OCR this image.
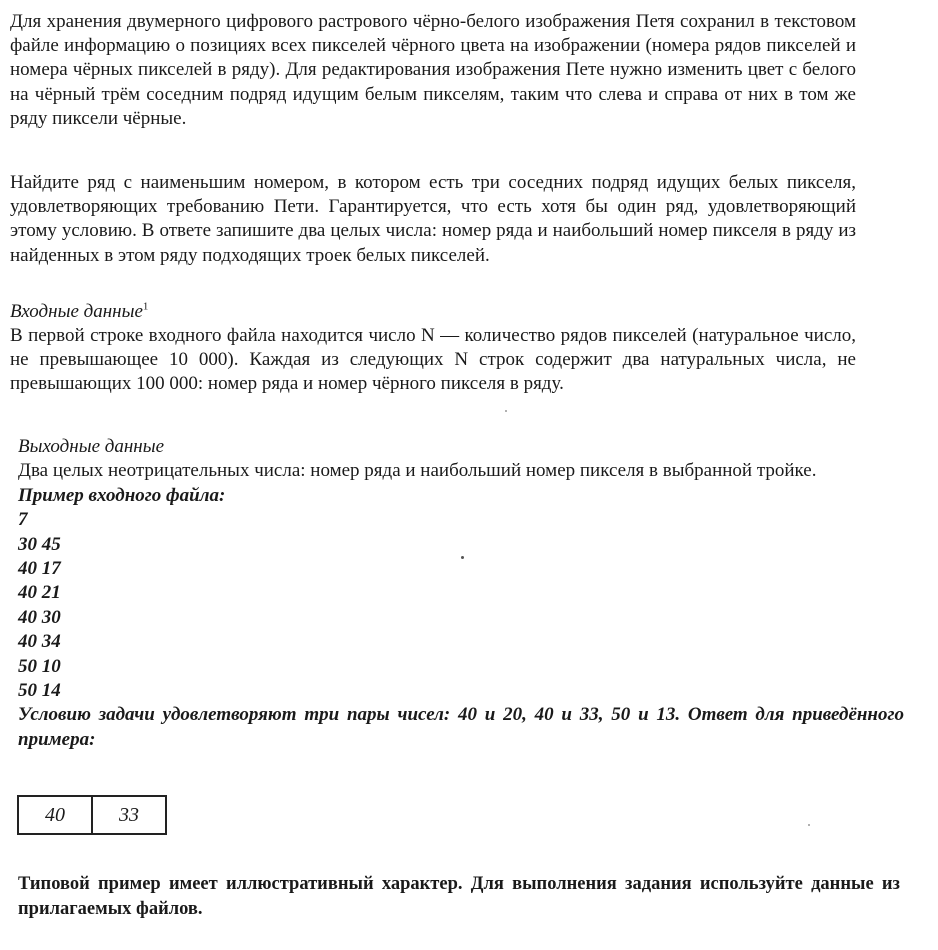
Для хранения двумерного цифрового растрового чёрно-белого изображения Петя сохранил в текстовом файле информацию о позициях всех пикселей чёрного цвета на изображении (номера рядов пикселей и номера чёрных пикселей в ряду). Для редактирования изображения Пете нужно изменить цвет с белого на чёрный трём соседним подряд идущим белым пикселям, таким что слева и справа от них в том же ряду пиксели чёрные.

Найдите ряд с наименьшим номером, в котором есть три соседних подряд идущих белых пикселя, удовлетворяющих требованию Пети. Гарантируется, что есть хотя бы один ряд, удовлетворяющий этому условию. В ответе запишите два целых числа: номер ряда и наибольший номер пикселя в ряду из найденных в этом ряду подходящих троек белых пикселей.

Входные данные$^1$

В первой строке входного файла находится число N — количество рядов пикселей (натуральное число, не превышающее 10 000). Каждая из следующих N строк содержит два натуральных числа, не превышающих 100 000: номер ряда и номер чёрного пикселя в ряду.

Выходные данные
Два целых неотрицательных числа: номер ряда и наибольший номер пикселя в выбранной тройке.
Пример входного файла:
7
30 45
40 17
40 21
40 30
40 34
50 10
50 14
Условию задачи удовлетворяют три пары чисел: 40 и 20, 40 и 33, 50 и 13. Ответ для приведённого примера:
40	33

Типовой пример имеет иллюстративный характер. Для выполнения задания используйте данные из прилагаемых файлов.
